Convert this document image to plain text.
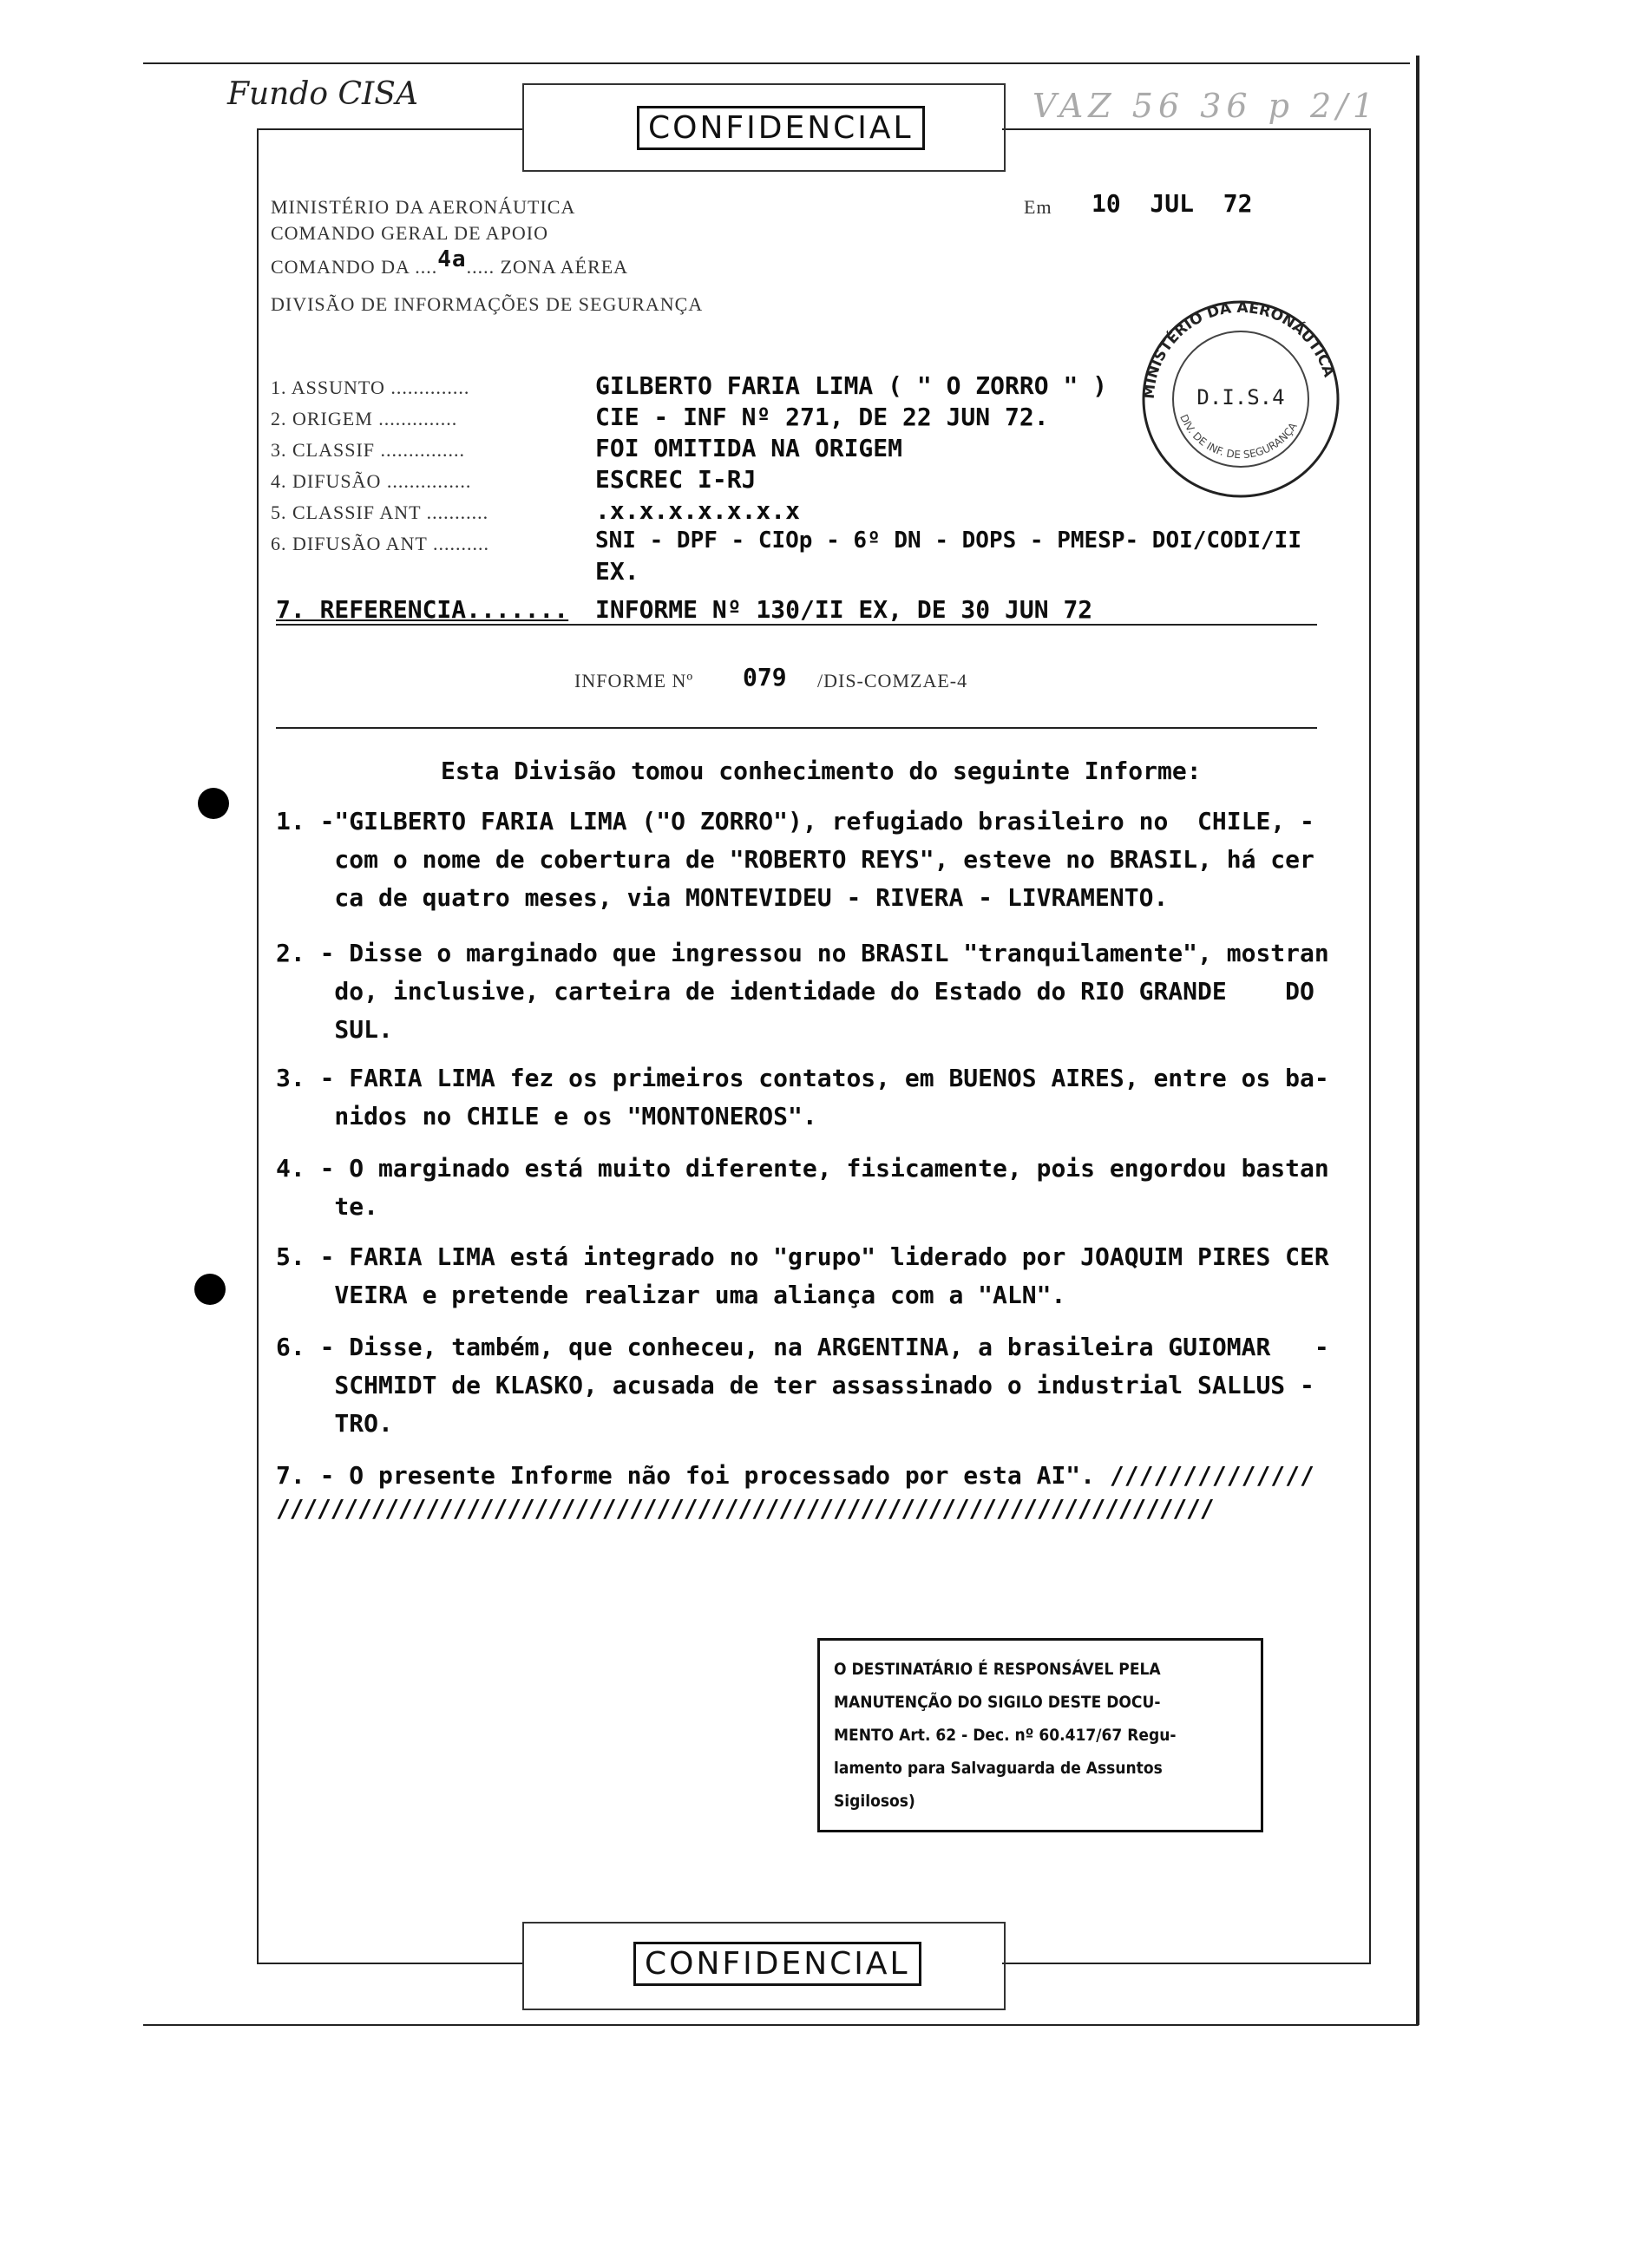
CONFIDENCIAL
CONFIDENCIAL
Fundo CISA	VAZ 56 36 p 2/1
MINISTÉRIO DA AERONÁUTICA
COMANDO GERAL DE APOIO
COMANDO DA ....4a..... ZONA AÉREA
DIVISÃO DE INFORMAÇÕES DE SEGURANÇA
Em 10  JUL  72
MINISTÉRIO DA AERONÁUTICA
D.I.S.4
DIV. DE INF. DE SEGURANÇA
1. ASSUNTO ..............	GILBERTO FARIA LIMA ( " O ZORRO " )
2. ORIGEM ..............	CIE - INF Nº 271, DE 22 JUN 72.
3. CLASSIF ...............	FOI OMITIDA NA ORIGEM
4. DIFUSÃO ...............	ESCREC I-RJ
5. CLASSIF ANT ...........	.x.x.x.x.x.x.x
6. DIFUSÃO ANT ..........	SNI - DPF - CIOp - 6º DN - DOPS - PMESP- DOI/CODI/II
EX.
7. REFERENCIA....... INFORME Nº 130/II EX, DE 30 JUN 72
INFORME Nº 079 /DIS-COMZAE-4
Esta Divisão tomou conhecimento do seguinte Informe:
1. -"GILBERTO FARIA LIMA ("O ZORRO"), refugiado brasileiro no  CHILE, -
com o nome de cobertura de "ROBERTO REYS", esteve no BRASIL, há cer
ca de quatro meses, via MONTEVIDEU - RIVERA - LIVRAMENTO.
2. - Disse o marginado que ingressou no BRASIL "tranquilamente", mostran
do, inclusive, carteira de identidade do Estado do RIO GRANDE    DO
SUL.
3. - FARIA LIMA fez os primeiros contatos, em BUENOS AIRES, entre os ba-
nidos no CHILE e os "MONTONEROS".
4. - O marginado está muito diferente, fisicamente, pois engordou bastan
te.
5. - FARIA LIMA está integrado no "grupo" liderado por JOAQUIM PIRES CER
VEIRA e pretende realizar uma aliança com a "ALN".
6. - Disse, também, que conheceu, na ARGENTINA, a brasileira GUIOMAR   -
SCHMIDT de KLASKO, acusada de ter assassinado o industrial SALLUS -
TRO.
7. - O presente Informe não foi processado por esta AI". //////////////
/////////////////////////////////////////////////////////////////////
O DESTINATÁRIO É RESPONSÁVEL PELA
MANUTENÇÃO DO SIGILO DESTE DOCU-
MENTO Art. 62 - Dec. nº 60.417/67 Regu-
lamento para Salvaguarda de Assuntos
Sigilosos)
